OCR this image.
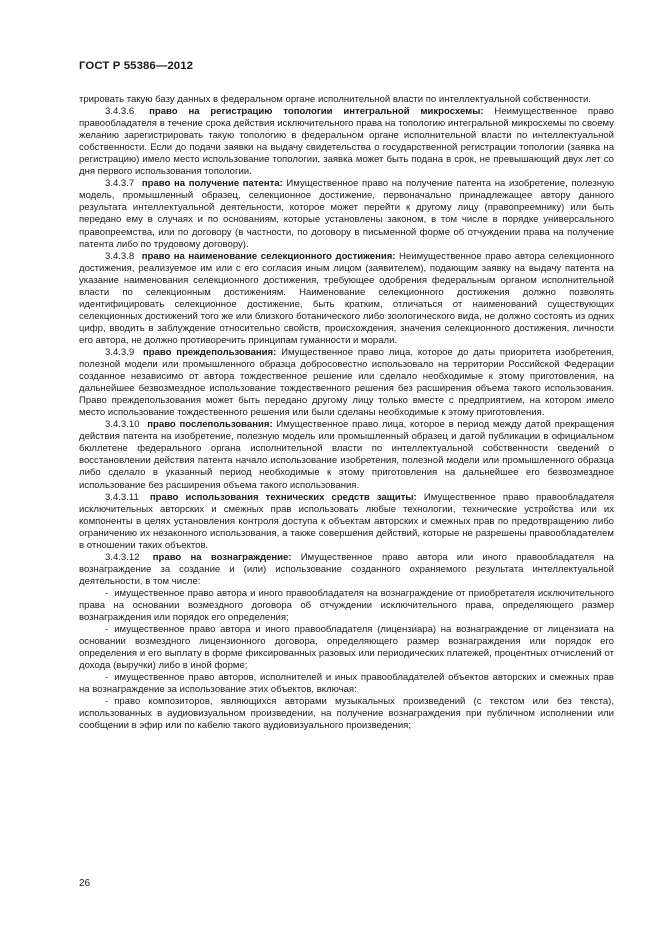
ГОСТ Р 55386—2012

трировать такую базу данных в федеральном органе исполнительной власти по интеллектуальной собственности.

3.4.3.6 право на регистрацию топологии интегральной микросхемы: Неимущественное право правообладателя в течение срока действия исключительного права на топологию интегральной микросхемы по своему желанию зарегистрировать такую топологию в федеральном органе исполнительной власти по интеллектуальной собственности. Если до подачи заявки на выдачу свидетельства о государственной регистрации топологии (заявка на регистрацию) имело место использование топологии, заявка может быть подана в срок, не превышающий двух лет со дня первого использования топологии.

3.4.3.7 право на получение патента: Имущественное право на получение патента на изобретение, полезную модель, промышленный образец, селекционное достижение, первоначально принадлежащее автору данного результата интеллектуальной деятельности, которое может перейти к другому лицу (правопреемнику) или быть передано ему в случаях и по основаниям, которые установлены законом, в том числе в порядке универсального правопреемства, или по договору (в частности, по договору в письменной форме об отчуждении права на получение патента либо по трудовому договору).

3.4.3.8 право на наименование селекционного достижения: Неимущественное право автора селекционного достижения, реализуемое им или с его согласия иным лицом (заявителем), подающим заявку на выдачу патента на указание наименования селекционного достижения, требующее одобрения федеральным органом исполнительной власти по селекционным достижениям. Наименование селекционного достижения должно позволять идентифицировать селекционное достижение, быть кратким, отличаться от наименований существующих селекционных достижений того же или близкого ботанического либо зоологического вида, не должно состоять из одних цифр, вводить в заблуждение относительно свойств, происхождения, значения селекционного достижения, личности его автора, не должно противоречить принципам гуманности и морали.

3.4.3.9 право преждепользования: Имущественное право лица, которое до даты приоритета изобретения, полезной модели или промышленного образца добросовестно использовало на территории Российской Федерации созданное независимо от автора тождественное решение или сделало необходимые к этому приготовления, на дальнейшее безвозмездное использование тождественного решения без расширения объема такого использования. Право преждепользования может быть передано другому лицу только вместе с предприятием, на котором имело место использование тождественного решения или были сделаны необходимые к этому приготовления.

3.4.3.10 право послепользования: Имущественное право лица, которое в период между датой прекращения действия патента на изобретение, полезную модель или промышленный образец и датой публикации в официальном бюллетене федерального органа исполнительной власти по интеллектуальной собственности сведений о восстановлении действия патента начало использование изобретения, полезной модели или промышленного образца либо сделало в указанный период необходимые к этому приготовления на дальнейшее его безвозмездное использование без расширения объема такого использования.

3.4.3.11 право использования технических средств защиты: Имущественное право правообладателя исключительных авторских и смежных прав использовать любые технологии, технические устройства или их компоненты в целях установления контроля доступа к объектам авторских и смежных прав по предотвращению либо ограничению их незаконного использования, а также совершения действий, которые не разрешены правообладателем в отношении таких объектов.

3.4.3.12 право на вознаграждение: Имущественное право автора или иного правообладателя на вознаграждение за создание и (или) использование созданного охраняемого результата интеллектуальной деятельности, в том числе:

- имущественное право автора и иного правообладателя на вознаграждение от приобретателя исключительного права на основании возмездного договора об отчуждении исключительного права, определяющего размер вознаграждения или порядок его определения;

- имущественное право автора и иного правообладателя (лицензиара) на вознаграждение от лицензиата на основании возмездного лицензионного договора, определяющего размер вознаграждения или порядок его определения и его выплату в форме фиксированных разовых или периодических платежей, процентных отчислений от дохода (выручки) либо в иной форме;

- имущественное право авторов, исполнителей и иных правообладателей объектов авторских и смежных прав на вознаграждение за использование этих объектов, включая:

- право композиторов, являющихся авторами музыкальных произведений (с текстом или без текста), использованных в аудиовизуальном произведении, на получение вознаграждения при публичном исполнении или сообщении в эфир или по кабелю такого аудиовизуального произведения;

26
